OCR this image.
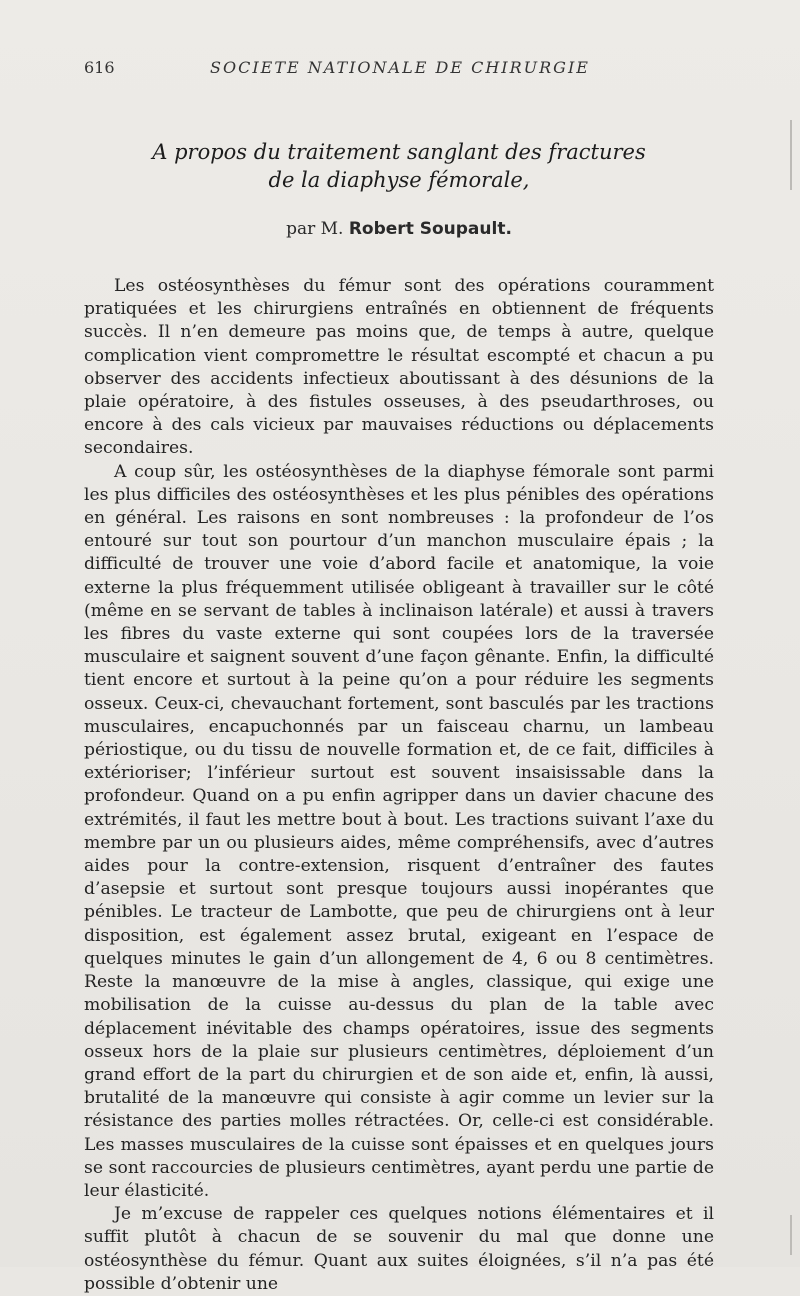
616	SOCIETE NATIONALE DE CHIRURGIE
A propos du traitement sanglant des fractures
de la diaphyse fémorale,
par M. Robert Soupault.

Les ostéosynthèses du fémur sont des opérations couramment pratiquées et les chirurgiens entraînés en obtiennent de fréquents succès. Il n’en demeure pas moins que, de temps à autre, quelque complication vient compromettre le résultat escompté et chacun a pu observer des accidents infectieux aboutissant à des désunions de la plaie opératoire, à des fistules osseuses, à des pseudarthroses, ou encore à des cals vicieux par mauvaises réductions ou déplacements secondaires.

A coup sûr, les ostéosynthèses de la diaphyse fémorale sont parmi les plus difficiles des ostéosynthèses et les plus pénibles des opérations en général. Les raisons en sont nombreuses : la profondeur de l’os entouré sur tout son pourtour d’un manchon musculaire épais ; la difficulté de trouver une voie d’abord facile et anatomique, la voie externe la plus fréquemment utilisée obligeant à travailler sur le côté (même en se servant de tables à inclinaison latérale) et aussi à travers les fibres du vaste externe qui sont coupées lors de la traversée musculaire et saignent souvent d’une façon gênante. Enfin, la difficulté tient encore et surtout à la peine qu’on a pour réduire les segments osseux. Ceux-ci, chevauchant fortement, sont basculés par les tractions musculaires, encapuchonnés par un faisceau charnu, un lambeau périostique, ou du tissu de nouvelle formation et, de ce fait, difficiles à extérioriser; l’inférieur surtout est souvent insaisissable dans la profondeur. Quand on a pu enfin agripper dans un davier chacune des extrémités, il faut les mettre bout à bout. Les tractions suivant l’axe du membre par un ou plusieurs aides, même compréhensifs, avec d’autres aides pour la contre-extension, risquent d’entraîner des fautes d’asepsie et surtout sont presque toujours aussi inopérantes que pénibles. Le tracteur de Lambotte, que peu de chirurgiens ont à leur disposition, est également assez brutal, exigeant en l’espace de quelques minutes le gain d’un allongement de 4, 6 ou 8 centimètres. Reste la manœuvre de la mise à angles, classique, qui exige une mobilisation de la cuisse au-dessus du plan de la table avec déplacement inévitable des champs opératoires, issue des segments osseux hors de la plaie sur plusieurs centimètres, déploiement d’un grand effort de la part du chirurgien et de son aide et, enfin, là aussi, brutalité de la manœuvre qui consiste à agir comme un levier sur la résistance des parties molles rétractées. Or, celle-ci est considérable. Les masses musculaires de la cuisse sont épaisses et en quelques jours se sont raccourcies de plusieurs centimètres, ayant perdu une partie de leur élasticité.

Je m’excuse de rappeler ces quelques notions élémentaires et il suffit plutôt à chacun de se souvenir du mal que donne une ostéosynthèse du fémur. Quant aux suites éloignées, s’il n’a pas été possible d’obtenir une
